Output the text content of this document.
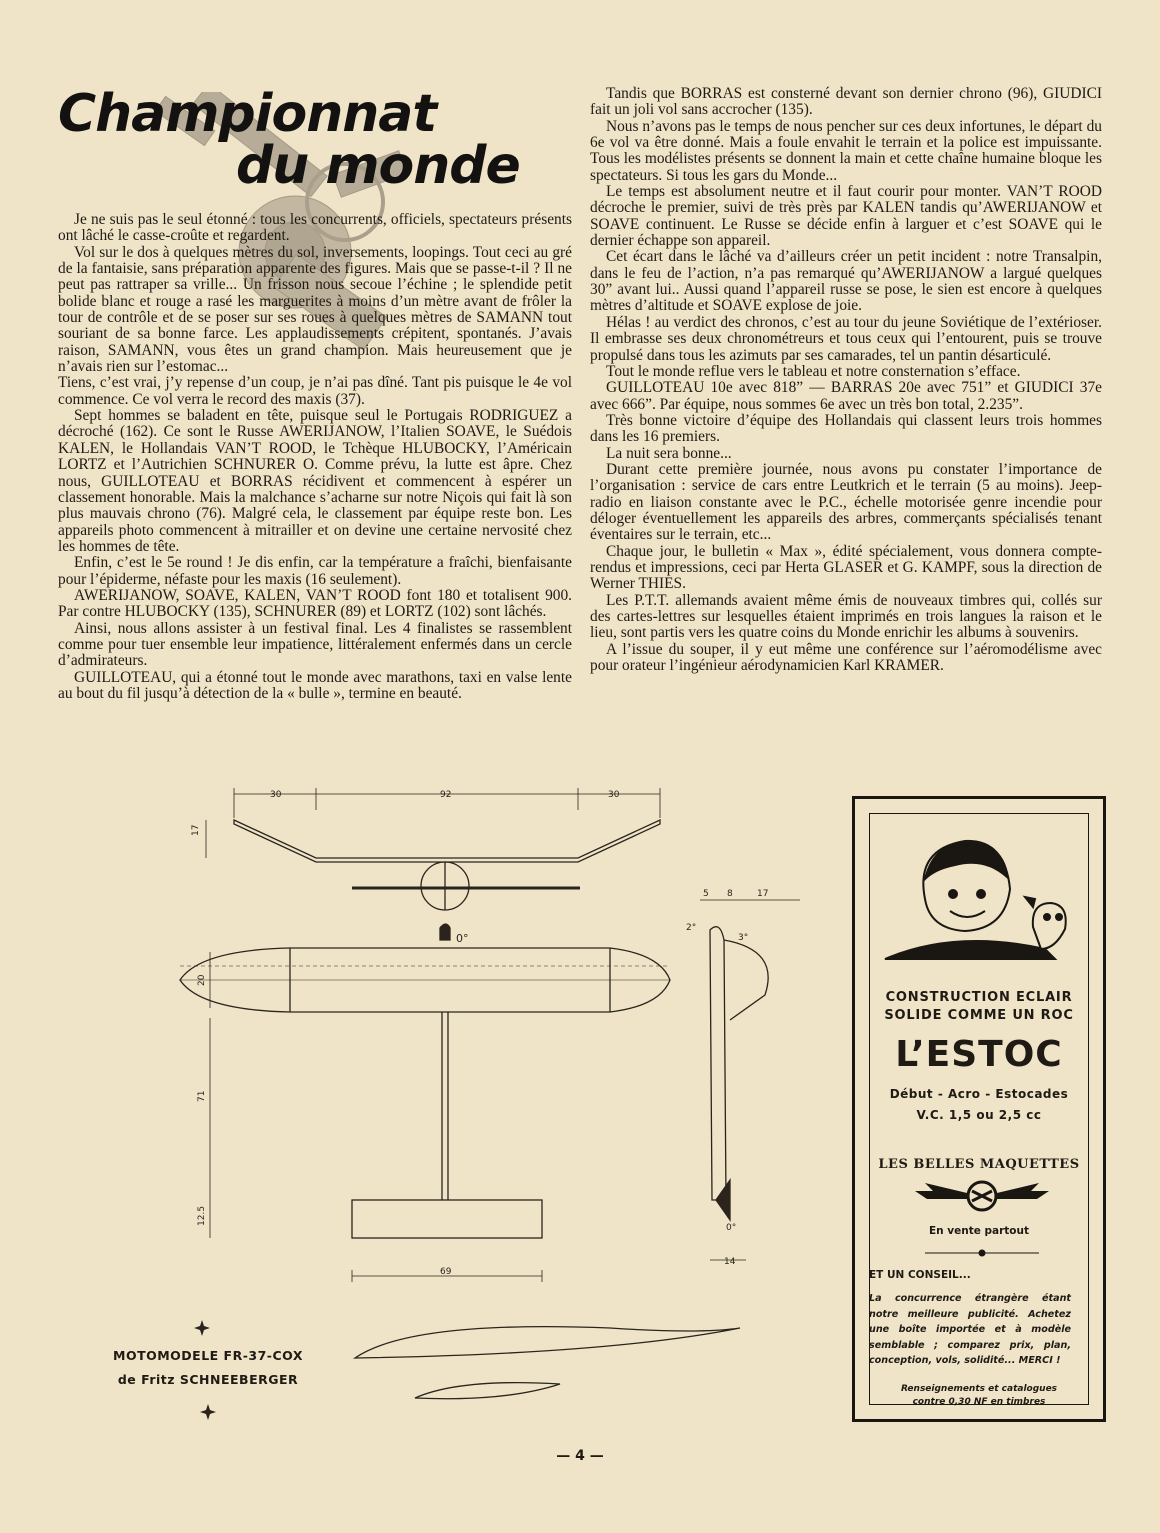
Championnat
du monde

Je ne suis pas le seul étonné : tous les concurrents, officiels, spectateurs présents ont lâché le casse-croûte et regardent.

Vol sur le dos à quelques mètres du sol, inversements, loopings. Tout ceci au gré de la fantaisie, sans préparation apparente des figures. Mais que se passe-t-il ? Il ne peut pas rattraper sa vrille... Un frisson nous secoue l’échine ; le splendide petit bolide blanc et rouge a rasé les marguerites à moins d’un mètre avant de frôler la tour de contrôle et de se poser sur ses roues à quelques mètres de SAMANN tout souriant de sa bonne farce. Les applaudissements crépitent, spontanés. J’avais raison, SAMANN, vous êtes un grand champion. Mais heureusement que je n’avais rien sur l’estomac...

Tiens, c’est vrai, j’y repense d’un coup, je n’ai pas dîné. Tant pis puisque le 4e vol commence. Ce vol verra le record des maxis (37).

Sept hommes se baladent en tête, puisque seul le Portugais RODRIGUEZ a décroché (162). Ce sont le Russe AWERIJANOW, l’Italien SOAVE, le Suédois KALEN, le Hollandais VAN’T ROOD, le Tchèque HLUBOCKY, l’Américain LORTZ et l’Autrichien SCHNURER O. Comme prévu, la lutte est âpre. Chez nous, GUILLOTEAU et BORRAS récidivent et commencent à espérer un classement honorable. Mais la malchance s’acharne sur notre Niçois qui fait là son plus mauvais chrono (76). Malgré cela, le classement par équipe reste bon. Les appareils photo commencent à mitrailler et on devine une certaine nervosité chez les hommes de tête.

Enfin, c’est le 5e round ! Je dis enfin, car la température a fraîchi, bienfaisante pour l’épiderme, néfaste pour les maxis (16 seulement).

AWERIJANOW, SOAVE, KALEN, VAN’T ROOD font 180 et totalisent 900. Par contre HLUBOCKY (135), SCHNURER (89) et LORTZ (102) sont lâchés.

Ainsi, nous allons assister à un festival final. Les 4 finalistes se rassemblent comme pour tuer ensemble leur impatience, littéralement enfermés dans un cercle d’admirateurs.

GUILLOTEAU, qui a étonné tout le monde avec marathons, taxi en valse lente au bout du fil jusqu’à détection de la « bulle », termine en beauté.

Tandis que BORRAS est consterné devant son dernier chrono (96), GIUDICI fait un joli vol sans accrocher (135).

Nous n’avons pas le temps de nous pencher sur ces deux infortunes, le départ du 6e vol va être donné. Mais a foule envahit le terrain et la police est impuissante. Tous les modélistes présents se donnent la main et cette chaîne humaine bloque les spectateurs. Si tous les gars du Monde...

Le temps est absolument neutre et il faut courir pour monter. VAN’T ROOD décroche le premier, suivi de très près par KALEN tandis qu’AWERIJANOW et SOAVE continuent. Le Russe se décide enfin à larguer et c’est SOAVE qui le dernier échappe son appareil.

Cet écart dans le lâché va d’ailleurs créer un petit incident : notre Transalpin, dans le feu de l’action, n’a pas remarqué qu’AWERIJANOW a largué quelques 30” avant lui.. Aussi quand l’appareil russe se pose, le sien est encore à quelques mètres d’altitude et SOAVE explose de joie.

Hélas ! au verdict des chronos, c’est au tour du jeune Soviétique de l’extérioser. Il embrasse ses deux chronométreurs et tous ceux qui l’entourent, puis se trouve propulsé dans tous les azimuts par ses camarades, tel un pantin désarticulé.

Tout le monde reflue vers le tableau et notre consternation s’efface.

GUILLOTEAU 10e avec 818” — BARRAS 20e avec 751” et GIUDICI 37e avec 666”. Par équipe, nous sommes 6e avec un très bon total, 2.235”.

Très bonne victoire d’équipe des Hollandais qui classent leurs trois hommes dans les 16 premiers.

La nuit sera bonne...

Durant cette première journée, nous avons pu constater l’importance de l’organisation : service de cars entre Leutkrich et le terrain (5 au moins). Jeep-radio en liaison constante avec le P.C., échelle motorisée genre incendie pour déloger éventuellement les appareils des arbres, commerçants spécialisés tenant éventaires sur le terrain, etc...

Chaque jour, le bulletin « Max », édité spécialement, vous donnera compte-rendus et impressions, ceci par Herta GLASER et G. KAMPF, sous la direction de Werner THIES.

Les P.T.T. allemands avaient même émis de nouveaux timbres qui, collés sur des cartes-lettres sur lesquelles étaient imprimés en trois langues la raison et le lieu, sont partis vers les quatre coins du Monde enrichir les albums à souvenirs.

A l’issue du souper, il y eut même une conférence sur l’aéromodélisme avec pour orateur l’ingénieur aérodynamicien Karl KRAMER.

30	92	30
17
0°
20
71
12.5
69
5 8	17
2°
3°
0°
14
MOTOMODELE FR-37-COX
de Fritz SCHNEEBERGER
CONSTRUCTION ECLAIR
SOLIDE COMME UN ROC
L’ESTOC
Début - Acro - Estocades
V.C. 1,5 ou 2,5 cc
LES BELLES MAQUETTES
En vente partout
ET UN CONSEIL...
La concurrence étrangère étant notre meilleure publicité. Achetez une boîte importée et à modèle semblable ; comparez prix, plan, conception, vols, solidité... MERCI !
Renseignements et catalogues
contre 0,30 NF en timbres
— 4 —
